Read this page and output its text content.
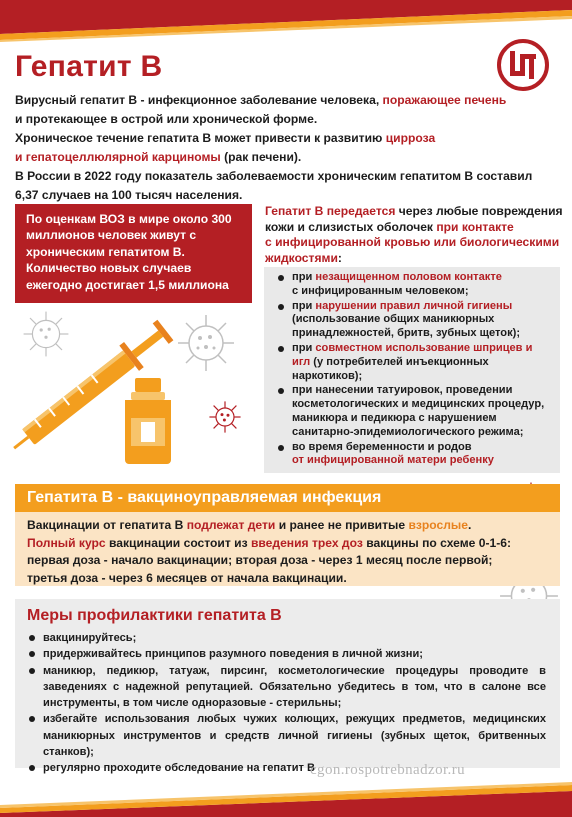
Гепатит В

Вирусный гепатит В - инфекционное заболевание человека, поражающее печень

и протекающее в острой или хронической форме.

Хроническое течение гепатита В может привести к развитию цирроза

и гепатоцеллюлярной карциномы (рак печени).

В России в 2022 году показатель заболеваемости хроническим гепатитом В составил

6,37 случаев на 100 тысяч населения.

По оценкам ВОЗ в мире около 300
миллионов человек живут с
хроническим гепатитом В.
Количество новых случаев
ежегодно достигает 1,5 миллиона
Гепатит В передается через любые повреждения
кожи и слизистых оболочек при контакте
с инфицированной кровью или биологическими
жидкостями:
при незащищенном половом контакте
с инфицированным человеком;
при нарушении правил личной гигиены
(использование общих маникюрных принадлежностей, бритв, зубных щеток);
при совместном использование шприцев и игл (у потребителей инъекционных наркотиков);
при нанесении татуировок, проведении косметологических и медицинских процедур, маникюра и педикюра с нарушением санитарно-эпидемиологического режима;
во время беременности и родов
от инфицированной матери ребенку
Гепатита В - вакциноуправляемая инфекция
Вакцинации от гепатита В подлежат дети и ранее не привитые взрослые.
Полный курс вакцинации состоит из введения трех доз вакцины по схеме 0-1-6:
первая доза - начало вакцинации; вторая доза - через 1 месяц после первой;
третья доза - через 6 месяцев от начала вакцинации.
Меры профилактики гепатита В
вакцинируйтесь;
придерживайтесь принципов разумного поведения в личной жизни;
маникюр, педикюр, татуаж, пирсинг, косметологические процедуры проводите в заведениях с надежной репутацией. Обязательно убедитесь в том, что в салоне все инструменты, в том числе одноразовые - стерильны;
избегайте использования любых чужих колющих, режущих предметов, медицинских маникюрных инструментов и средств личной гигиены (зубных щеток, бритвенных станков);
регулярно проходите обследование на гепатит В
cgon.rospotrebnadzor.ru
